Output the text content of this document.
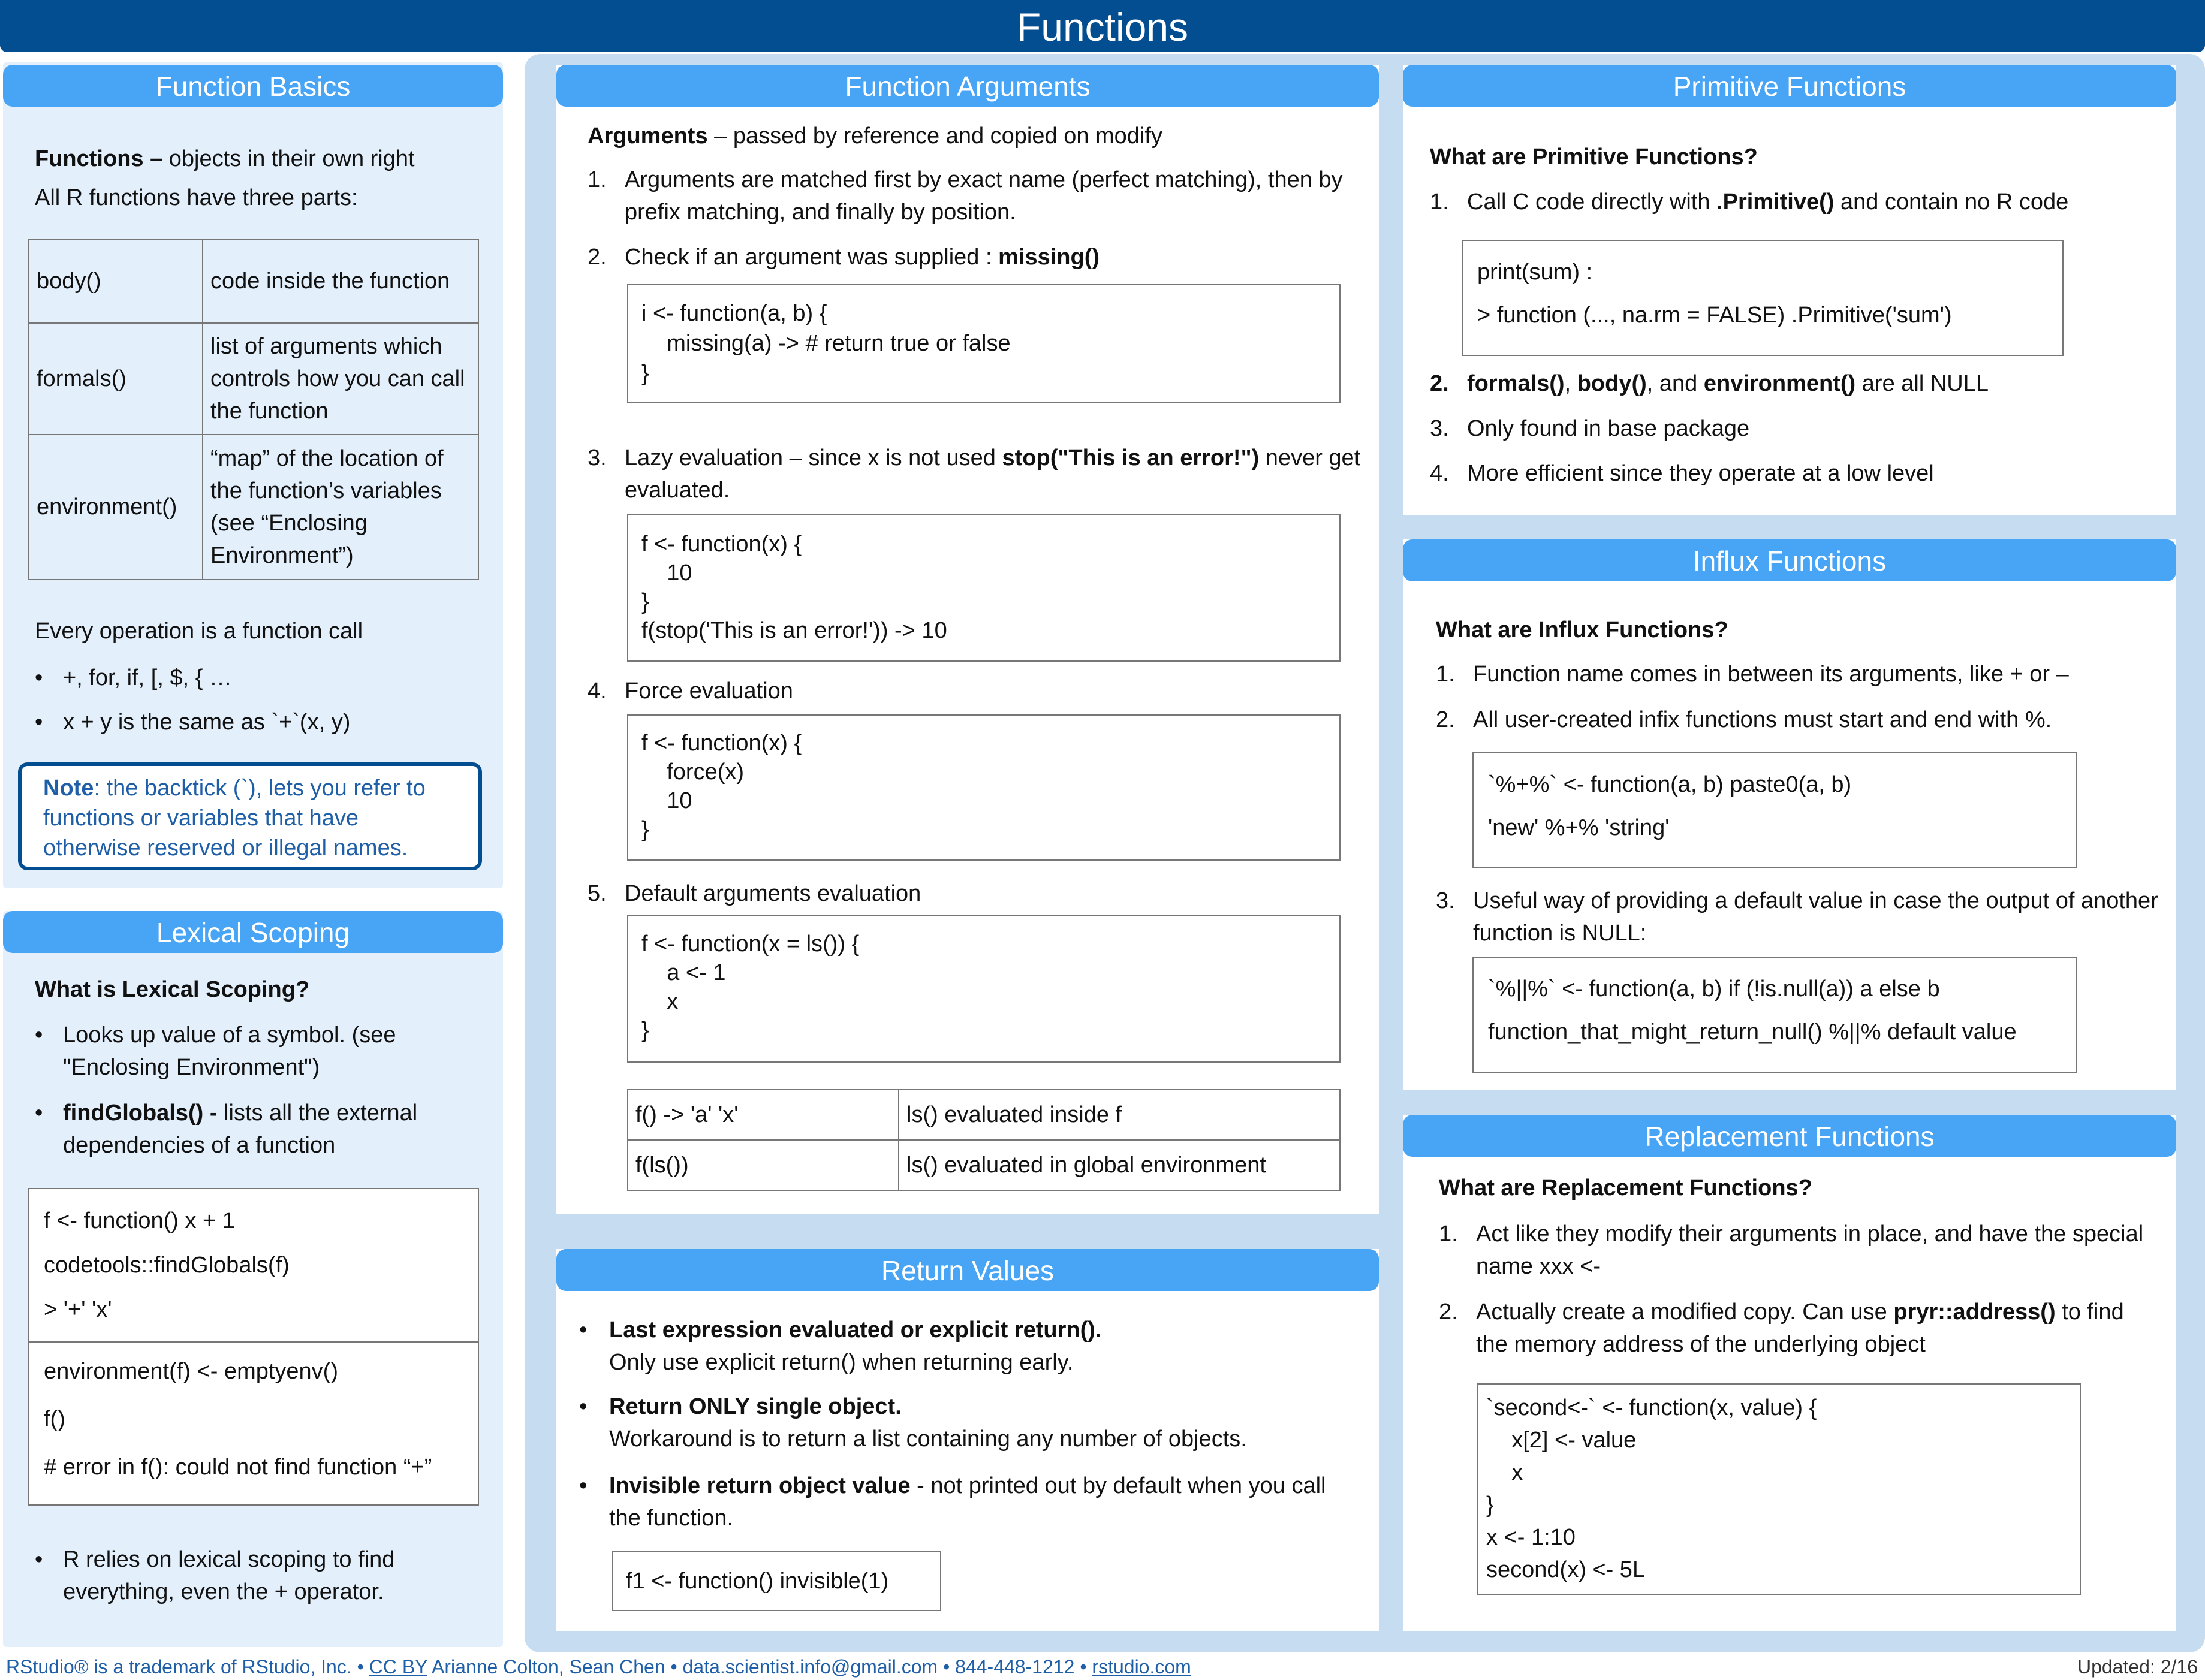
Functions
Function Basics
Functions – objects in their own right
All R functions have three parts:
body()	code inside the function
formals()	list of arguments which controls how you can call the function
environment()	“map” of the location of the function’s variables (see “Enclosing Environment”)
Every operation is a function call
• +, for, if, [, $, { …
• x + y is the same as `+`(x, y)
Note: the backtick (`), lets you refer to functions or variables that have otherwise reserved or illegal names.
Lexical Scoping
What is Lexical Scoping?
• Looks up value of a symbol. (see "Enclosing Environment")
• findGlobals() - lists all the external dependencies of a function
f <- function() x + 1
codetools::findGlobals(f)
> '+' 'x'
environment(f) <- emptyenv()
f()
# error in f(): could not find function “+”
• R relies on lexical scoping to find everything, even the + operator.
Function Arguments
Arguments – passed by reference and copied on modify
1. Arguments are matched first by exact name (perfect matching), then by prefix matching, and finally by position.
2. Check if an argument was supplied : missing()
i <- function(a, b) {
missing(a) -> # return true or false
}
3. Lazy evaluation – since x is not used stop("This is an error!") never get evaluated.
f <- function(x) {
10
}
f(stop('This is an error!')) -> 10
4. Force evaluation
f <- function(x) {
force(x)
10
}
5. Default arguments evaluation
f <- function(x = ls()) {
a <- 1
x
}
f() -> 'a' 'x'	ls() evaluated inside f
f(ls())	ls() evaluated in global environment
Return Values
• Last expression evaluated or explicit return().
Only use explicit return() when returning early.
• Return ONLY single object.
Workaround is to return a list containing any number of objects.
• Invisible return object value - not printed out by default when you call the function.
f1 <- function() invisible(1)
Primitive Functions
What are Primitive Functions?
1. Call C code directly with .Primitive() and contain no R code
print(sum) :
> function (..., na.rm = FALSE) .Primitive('sum')
2. formals(), body(), and environment() are all NULL
3. Only found in base package
4. More efficient since they operate at a low level
Influx Functions
What are Influx Functions?
1. Function name comes in between its arguments, like + or –
2. All user-created infix functions must start and end with %.
`%+%` <- function(a, b) paste0(a, b)
'new' %+% 'string'
3. Useful way of providing a default value in case the output of another function is NULL:
`%||%` <- function(a, b) if (!is.null(a)) a else b
function_that_might_return_null() %||% default value
Replacement Functions
What are Replacement Functions?
1. Act like they modify their arguments in place, and have the special name xxx <-
2. Actually create a modified copy. Can use pryr::address() to find the memory address of the underlying object
`second<-` <- function(x, value) {
x[2] <- value
x
}
x <- 1:10
second(x) <- 5L
RStudio® is a trademark of RStudio, Inc. • CC BY Arianne Colton, Sean Chen • data.scientist.info@gmail.com • 844-448-1212 • rstudio.com	Updated: 2/16
